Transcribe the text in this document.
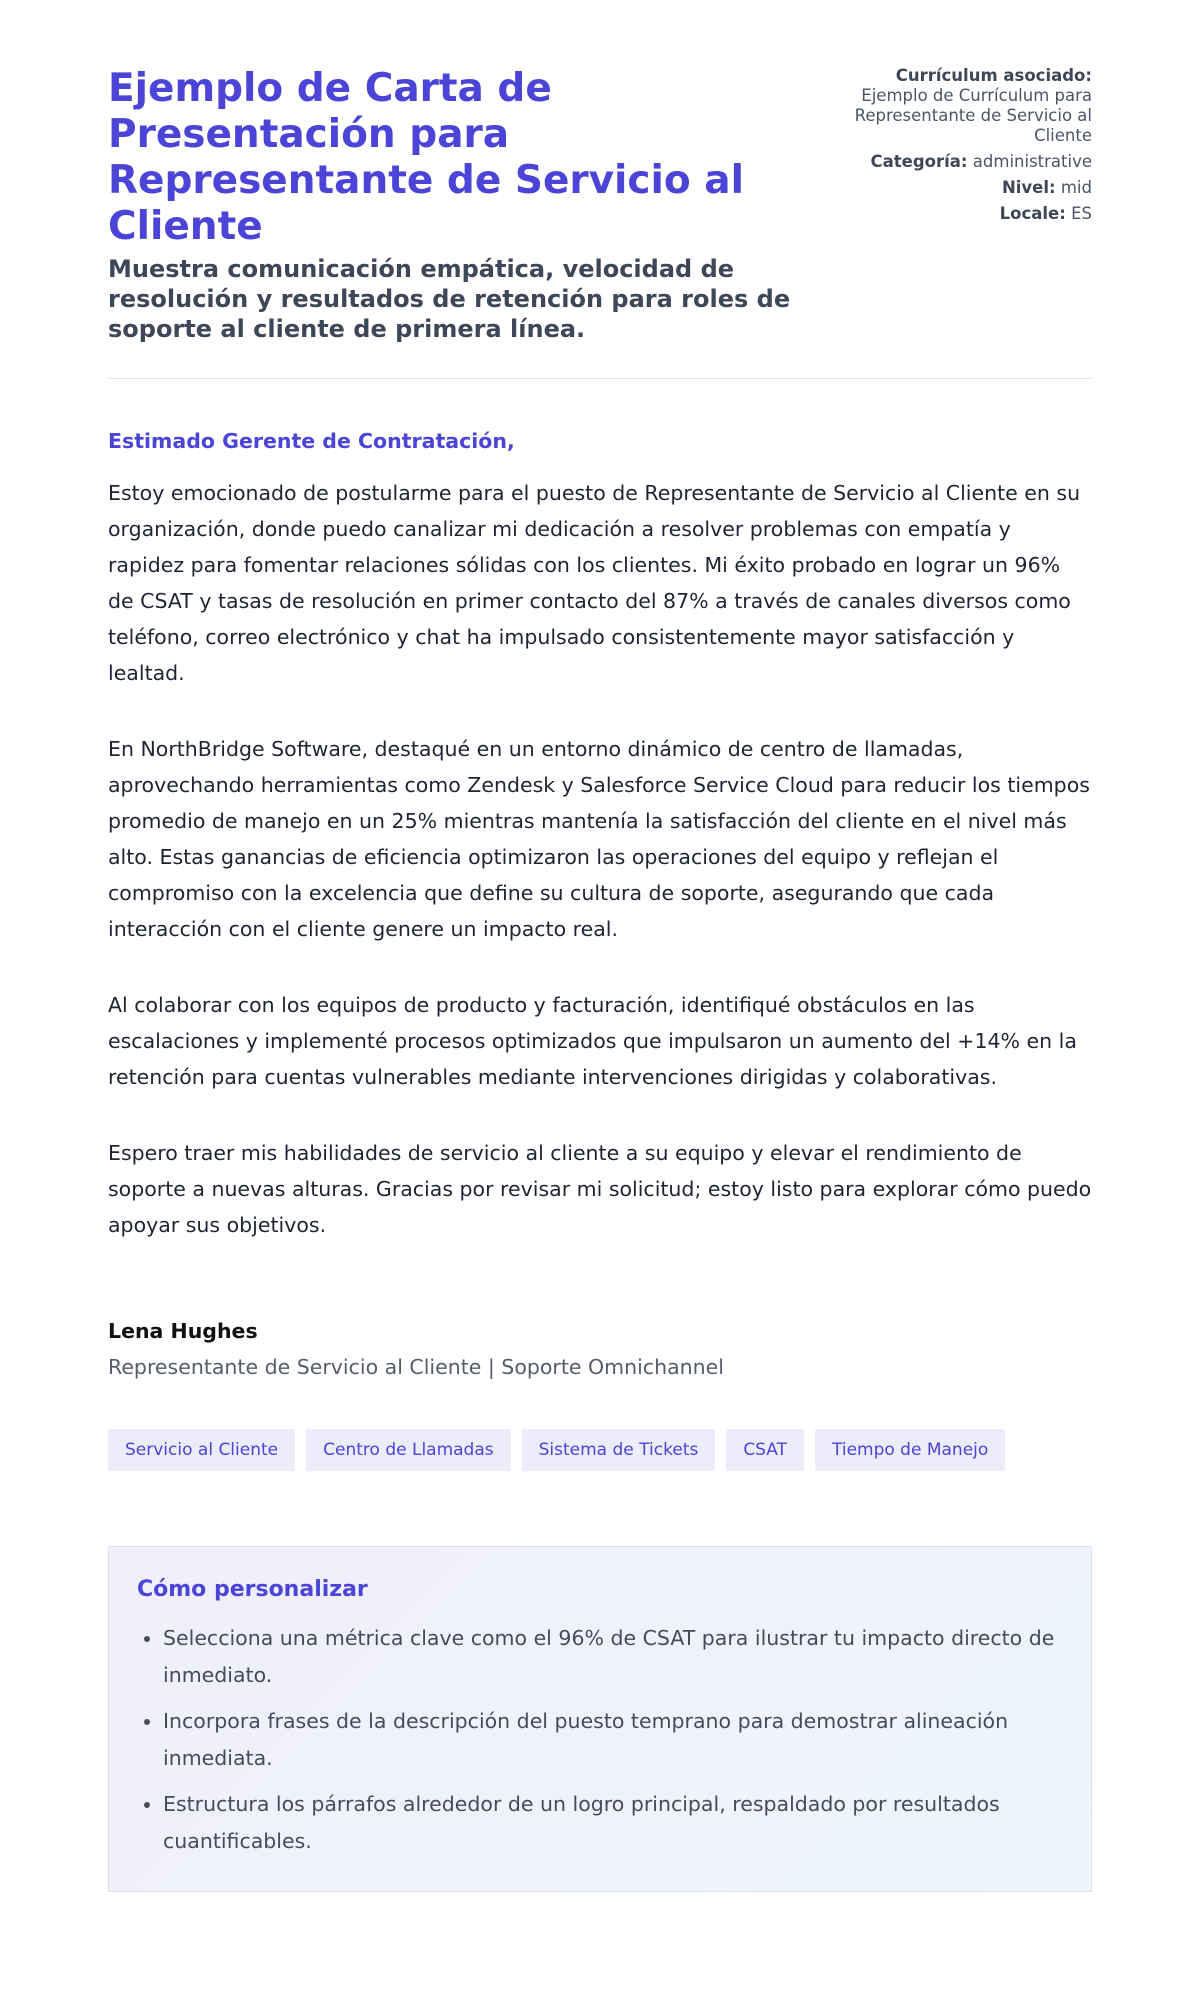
Ejemplo de Carta de Presentación para Representante de Servicio al Cliente
Muestra comunicación empática, velocidad de resolución y resultados de retención para roles de soporte al cliente de primera línea.
Currículum asociado:
Ejemplo de Currículum para Representante de Servicio al Cliente
Categoría: administrative
Nivel: mid
Locale: ES
Estimado Gerente de Contratación,
Estoy emocionado de postularme para el puesto de Representante de Servicio al Cliente en su organización, donde puedo canalizar mi dedicación a resolver problemas con empatía y rapidez para fomentar relaciones sólidas con los clientes. Mi éxito probado en lograr un 96% de CSAT y tasas de resolución en primer contacto del 87% a través de canales diversos como teléfono, correo electrónico y chat ha impulsado consistentemente mayor satisfacción y lealtad.
En NorthBridge Software, destaqué en un entorno dinámico de centro de llamadas, aprovechando herramientas como Zendesk y Salesforce Service Cloud para reducir los tiempos promedio de manejo en un 25% mientras mantenía la satisfacción del cliente en el nivel más alto. Estas ganancias de eficiencia optimizaron las operaciones del equipo y reflejan el compromiso con la excelencia que define su cultura de soporte, asegurando que cada interacción con el cliente genere un impacto real.
Al colaborar con los equipos de producto y facturación, identifiqué obstáculos en las escalaciones y implementé procesos optimizados que impulsaron un aumento del +14% en la retención para cuentas vulnerables mediante intervenciones dirigidas y colaborativas.
Espero traer mis habilidades de servicio al cliente a su equipo y elevar el rendimiento de soporte a nuevas alturas. Gracias por revisar mi solicitud; estoy listo para explorar cómo puedo apoyar sus objetivos.
Lena Hughes
Representante de Servicio al Cliente | Soporte Omnichannel
Servicio al Cliente	Centro de Llamadas	Sistema de Tickets	CSAT	Tiempo de Manejo
Cómo personalizar
• Selecciona una métrica clave como el 96% de CSAT para ilustrar tu impacto directo de inmediato.
• Incorpora frases de la descripción del puesto temprano para demostrar alineación inmediata.
• Estructura los párrafos alrededor de un logro principal, respaldado por resultados cuantificables.
